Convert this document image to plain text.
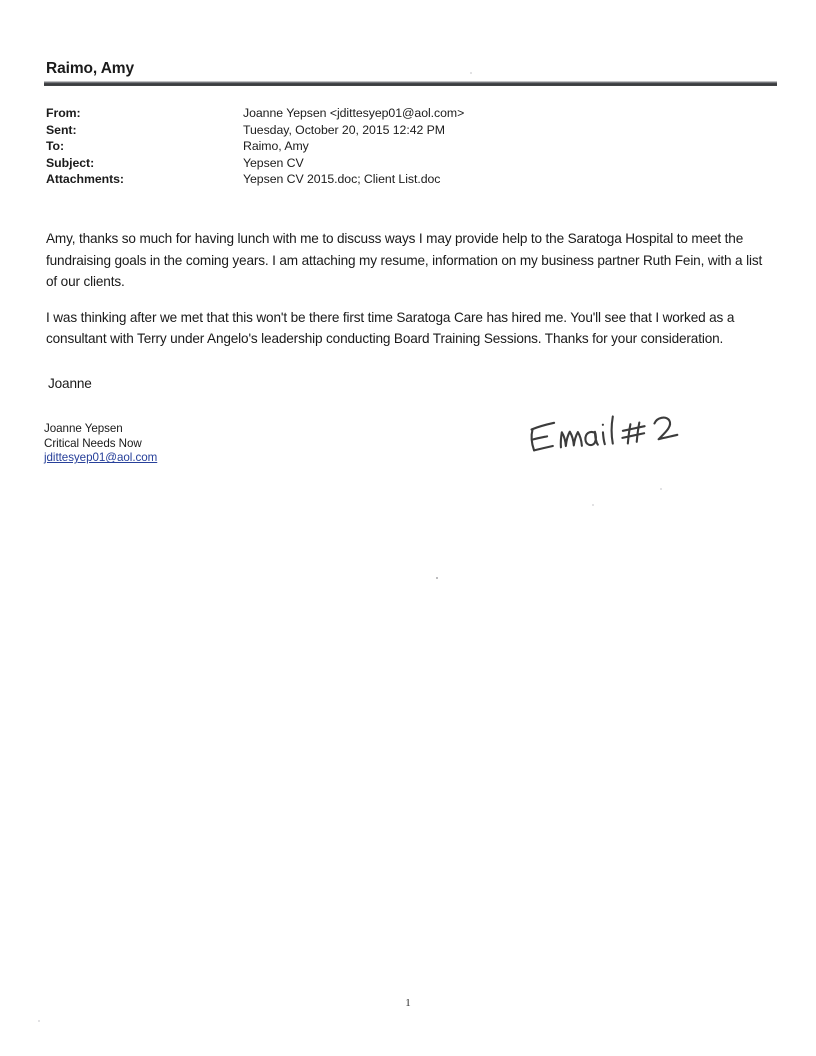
Raimo, Amy
From:	Joanne Yepsen <jdittesyep01@aol.com>
Sent:	Tuesday, October 20, 2015 12:42 PM
To:	Raimo, Amy
Subject:	Yepsen CV
Attachments:	Yepsen CV 2015.doc; Client List.doc

Amy, thanks so much for having lunch with me to discuss ways I may provide help to the Saratoga Hospital to meet the fundraising goals in the coming years. I am attaching my resume, information on my business partner Ruth Fein, with a list of our clients.

I was thinking after we met that this won't be there first time Saratoga Care has hired me. You'll see that I worked as a consultant with Terry under Angelo's leadership conducting Board Training Sessions. Thanks for your consideration.

Joanne
Joanne Yepsen
Critical Needs Now
jdittesyep01@aol.com
1
